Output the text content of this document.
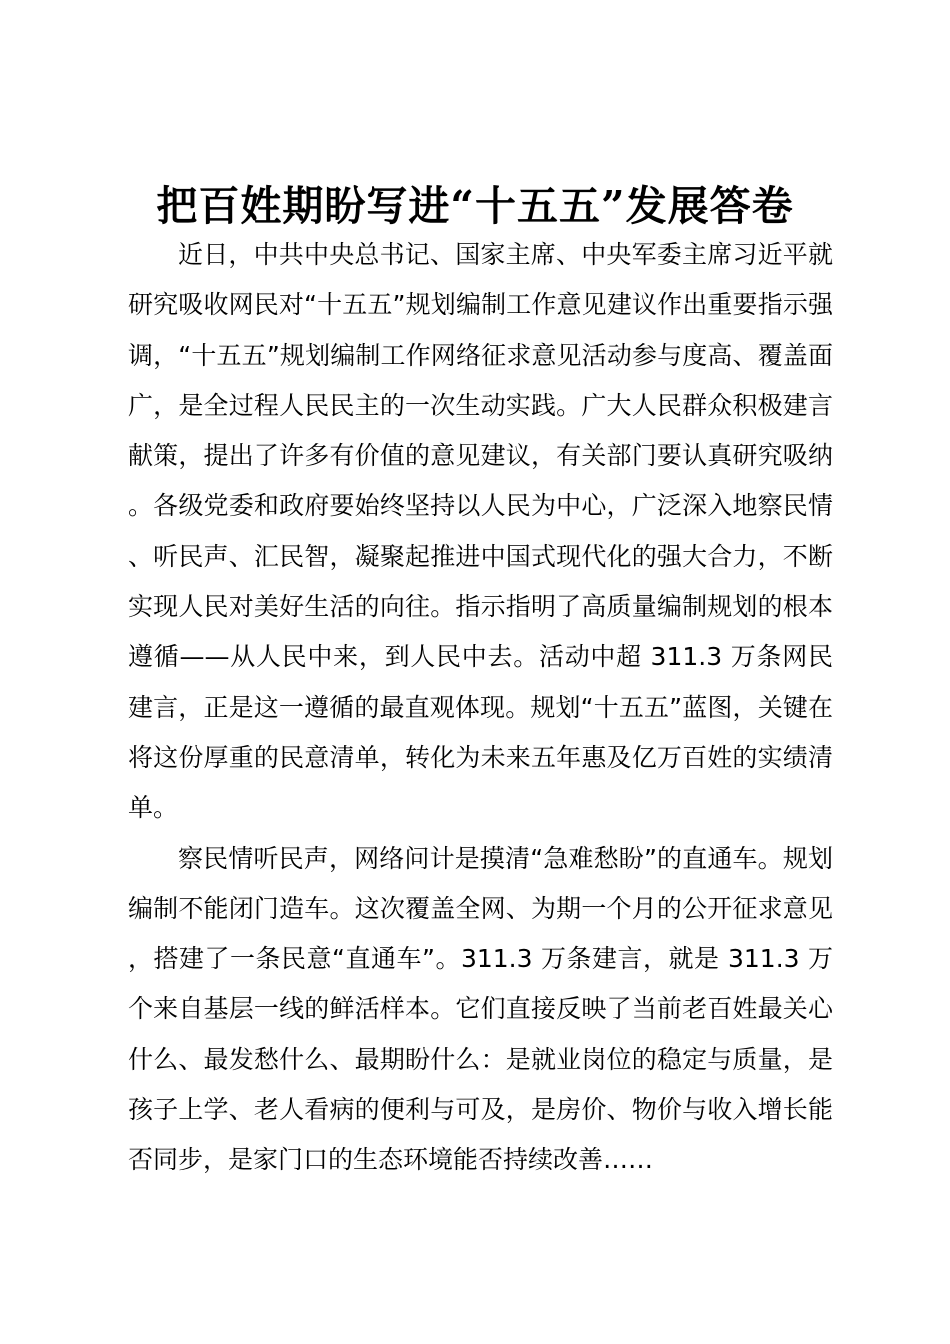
把百姓期盼写进“十五五”发展答卷

近日，中共中央总书记、国家主席、中央军委主席习近平就研究吸收网民对“十五五”规划编制工作意见建议作出重要指示强调，“十五五”规划编制工作网络征求意见活动参与度高、覆盖面广，是全过程人民民主的一次生动实践。广大人民群众积极建言献策，提出了许多有价值的意见建议，有关部门要认真研究吸纳。各级党委和政府要始终坚持以人民为中心，广泛深入地察民情、听民声、汇民智，凝聚起推进中国式现代化的强大合力，不断实现人民对美好生活的向往。指示指明了高质量编制规划的根本遵循——从人民中来，到人民中去。活动中超 311.3 万条网民建言，正是这一遵循的最直观体现。规划“十五五”蓝图，关键在将这份厚重的民意清单，转化为未来五年惠及亿万百姓的实绩清单。

察民情听民声，网络问计是摸清“急难愁盼”的直通车。规划编制不能闭门造车。这次覆盖全网、为期一个月的公开征求意见，搭建了一条民意“直通车”。311.3 万条建言，就是 311.3 万个来自基层一线的鲜活样本。它们直接反映了当前老百姓最关心什么、最发愁什么、最期盼什么：是就业岗位的稳定与质量，是孩子上学、老人看病的便利与可及，是房价、物价与收入增长能否同步，是家门口的生态环境能否持续改善……
